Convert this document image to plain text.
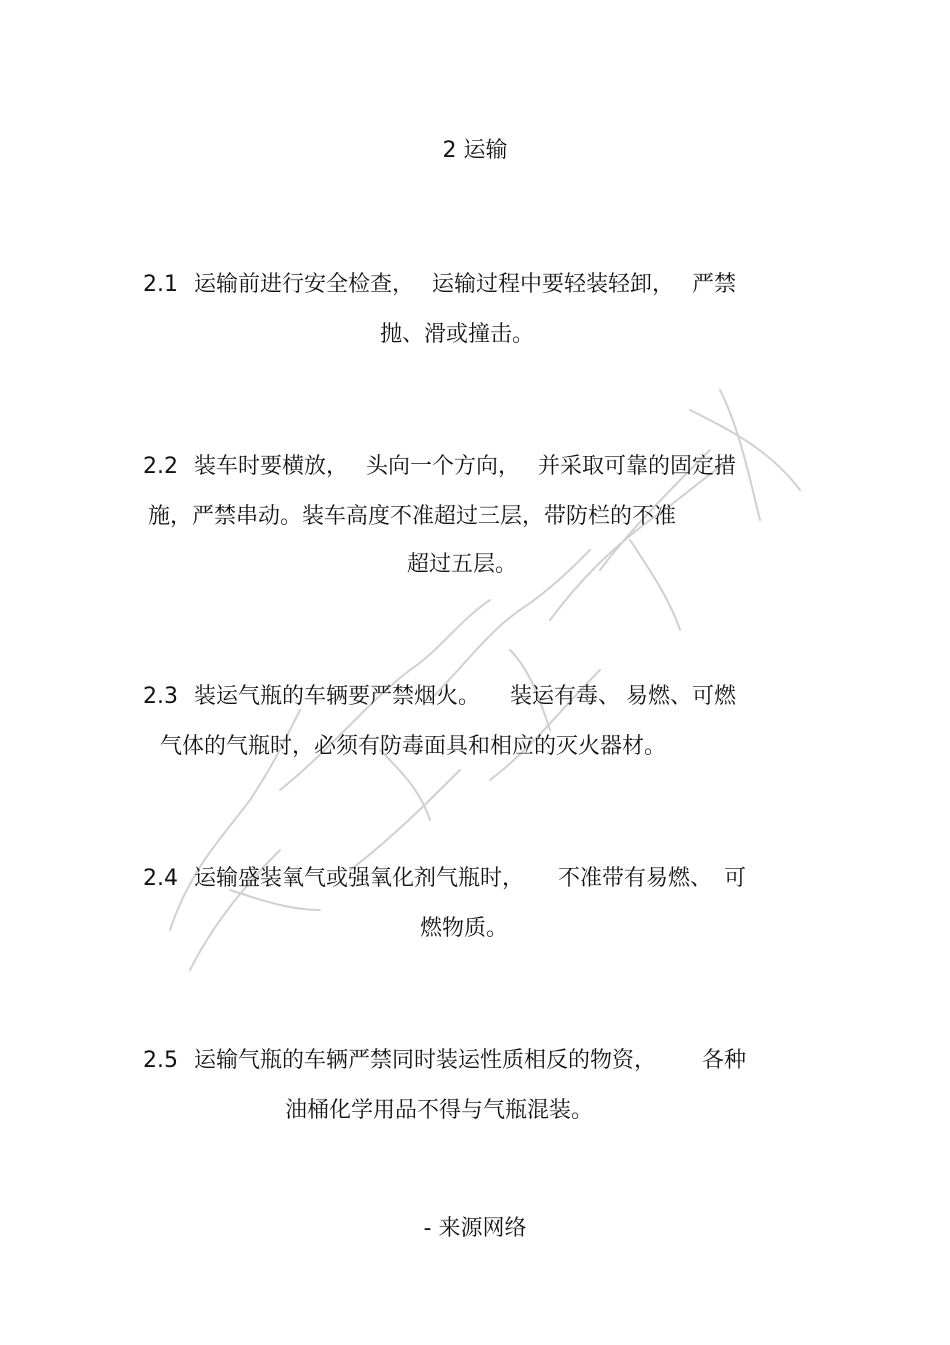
2 运输
2.1 运输前进行安全检查， 运输过程中要轻装轻卸， 严禁
抛、滑或撞击。
2.2 装车时要横放， 头向一个方向， 并采取可靠的固定措
施，严禁串动。装车高度不准超过三层，带防栏的不准
超过五层。
2.3 装运气瓶的车辆要严禁烟火。 装运有毒、 易燃、可燃
气体的气瓶时，必须有防毒面具和相应的灭火器材。
2.4 运输盛装氧气或强氧化剂气瓶时， 不准带有易燃、 可
燃物质。
2.5 运输气瓶的车辆严禁同时装运性质相反的物资， 各种
油桶化学用品不得与气瓶混装。
- 来源网络
